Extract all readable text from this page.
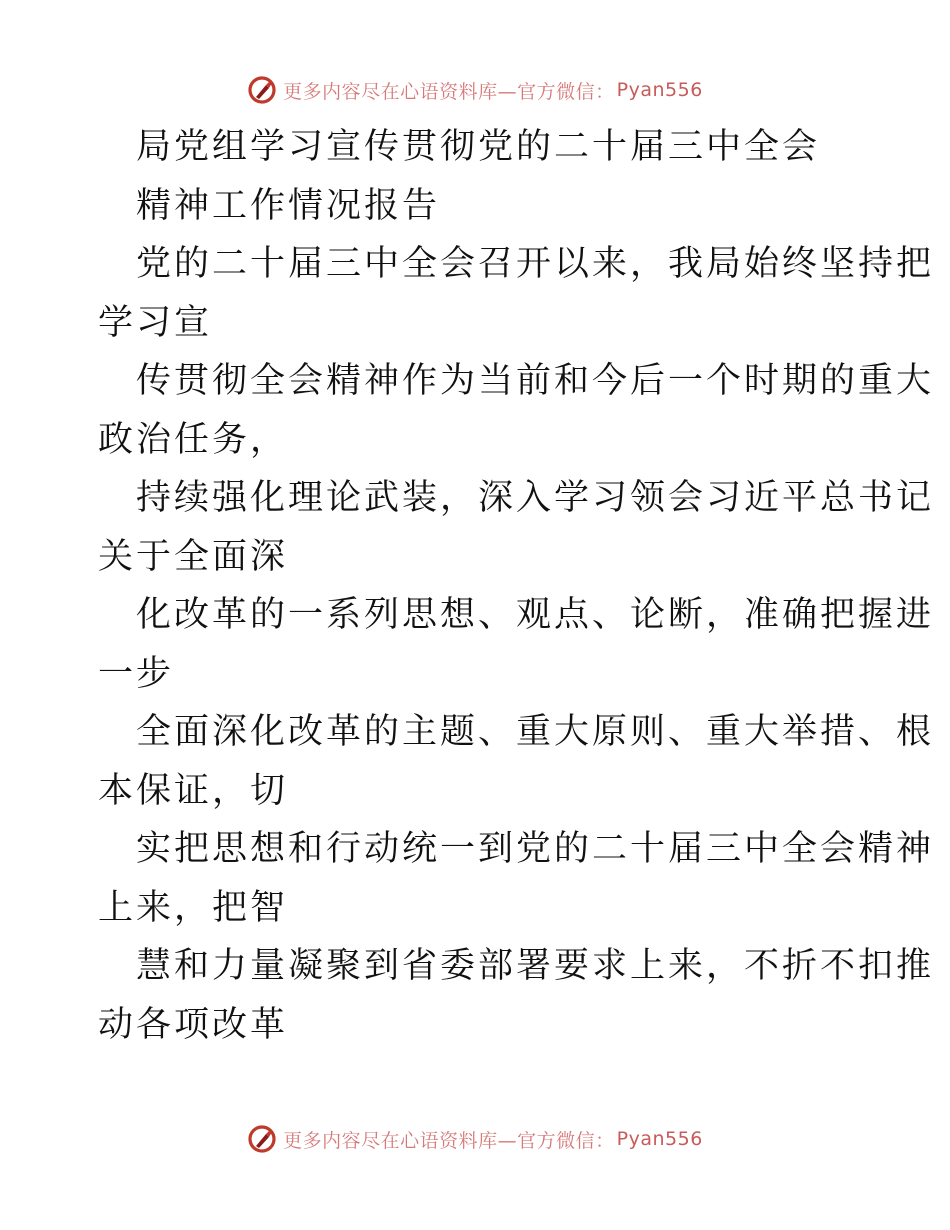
更多内容尽在心语资料库—官方微信： Pyan556
局党组学习宣传贯彻党的二十届三中全会
精神工作情况报告
党的二十届三中全会召开以来，我局始终坚持把
学习宣
传贯彻全会精神作为当前和今后一个时期的重大
政治任务，
持续强化理论武装，深入学习领会习近平总书记
关于全面深
化改革的一系列思想、观点、论断，准确把握进
一步
全面深化改革的主题、重大原则、重大举措、根
本保证，切
实把思想和行动统一到党的二十届三中全会精神
上来，把智
慧和力量凝聚到省委部署要求上来，不折不扣推
动各项改革
更多内容尽在心语资料库—官方微信： Pyan556
